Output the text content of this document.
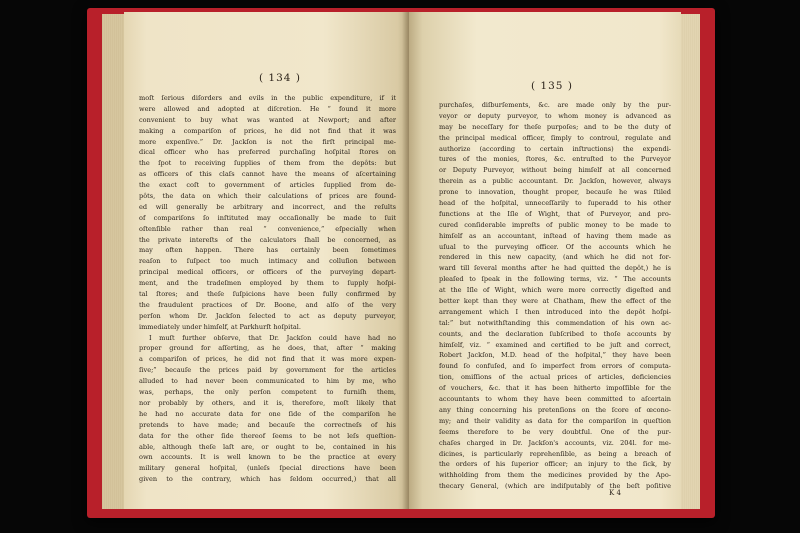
( 134 )
moſt ſerious diſorders and evils in the public expenditure, if it
were allowed and adopted at diſcretion. He “ found it more
convenient to buy what was wanted at Newport; and after
making a compariſon of prices, he did not find that it was
more expenſive.” Dr. Jackſon is not the firſt principal me-
dical officer who has preferred purchaſing hoſpital ſtores on
the ſpot to receiving ſupplies of them from the depôts: but
as officers of this claſs cannot have the means of aſcertaining
the exact coſt to government of articles ſupplied from de-
pôts, the data on which their calculations of prices are found-
ed will generally be arbitrary and incorrect, and the reſults
of compariſons ſo inſtituted may occaſionally be made to ſuit
oſtenſible rather than real “ convenience,” eſpecially when
the private intereſts of the calculators ſhall be concerned, as
may often happen. There has certainly been ſometimes
reaſon to ſuſpect too much intimacy and colluſion between
principal medical officers, or officers of the purveying depart-
ment, and the tradeſmen employed by them to ſupply hoſpi-
tal ſtores; and theſe ſuſpicions have been fully confirmed by
the fraudulent practices of Dr. Boone, and alſo of the very
perſon whom Dr. Jackſon ſelected to act as deputy purveyor,
immediately under himſelf, at Parkhurſt hoſpital.
I muſt further obſerve, that Dr. Jackſon could have had no
proper ground for aſſerting, as he does, that, after “ making
a compariſon of prices, he did not find that it was more expen-
ſive;” becauſe the prices paid by government for the articles
alluded to had never been communicated to him by me, who
was, perhaps, the only perſon competent to furniſh them,
nor probably by others, and it is, therefore, moſt likely that
he had no accurate data for one ſide of the compariſon he
pretends to have made; and becauſe the correctneſs of his
data for the other ſide thereof ſeems to be not leſs queſtion-
able, although theſe laſt are, or ought to be, contained in his
own accounts. It is well known to be the practice at every
military general hoſpital, (unleſs ſpecial directions have been
given to the contrary, which has ſeldom occurred,) that all
( 135 )
purchaſes, diſburſements, &c. are made only by the pur-
veyor or deputy purveyor, to whom money is advanced as
may be neceſſary for theſe purpoſes; and to be the duty of
the principal medical officer, ſimply to controul, regulate and
authorize (according to certain inſtructions) the expendi-
tures of the monies, ſtores, &c. entruſted to the Purveyor
or Deputy Purveyor, without being himſelf at all concerned
therein as a public accountant. Dr. Jackſon, however, always
prone to innovation, thought proper, becauſe he was ſtiled
head of the hoſpital, unneceſſarily to ſuperadd to his other
functions at the Iſle of Wight, that of Purveyor, and pro-
cured conſiderable impreſts of public money to be made to
himſelf as an accountant, inſtead of having them made as
uſual to the purveying officer. Of the accounts which he
rendered in this new capacity, (and which he did not for-
ward till ſeveral months after he had quitted the depôt,) he is
pleaſed to ſpeak in the following terms, viz. “ The accounts
at the Iſle of Wight, which were more correctly digeſted and
better kept than they were at Chatham, ſhew the effect of the
arrangement which I then introduced into the depôt hoſpi-
tal:” but notwithſtanding this commendation of his own ac-
counts, and the declaration ſubſcribed to thoſe accounts by
himſelf, viz. “ examined and certified to be juſt and correct,
Robert Jackſon, M.D. head of the hoſpital,” they have been
found ſo confuſed, and ſo imperfect from errors of computa-
tion, omiſſions of the actual prices of articles, deficiencies
of vouchers, &c. that it has been hitherto impoſſible for the
accountants to whom they have been committed to aſcertain
any thing concerning his pretenſions on the ſcore of œcono-
my; and their validity as data for the compariſon in queſtion
ſeems therefore to be very doubtful. One of the pur-
chaſes charged in Dr. Jackſon's accounts, viz. 204l. for me-
dicines, is particularly reprehenſible, as being a breach of
the orders of his ſuperior officer; an injury to the ſick, by
withholding from them the medicines provided by the Apo-
thecary General, (which are indiſputably of the beſt poſitive
K 4
